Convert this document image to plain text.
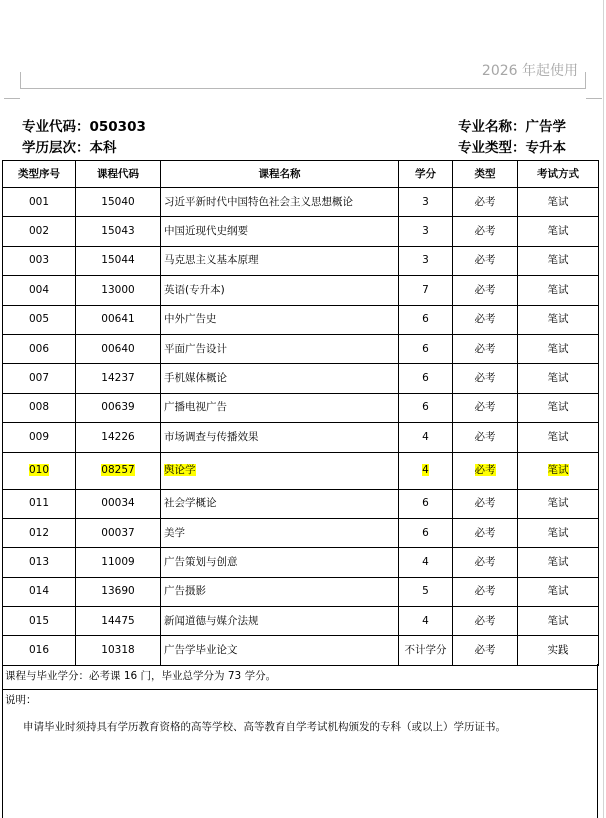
2026 年起使用
专业代码：050303
学历层次：本科
专业名称：广告学
专业类型：专升本
类型序号	课程代码	课程名称	学分	类型	考试方式
001	15040	习近平新时代中国特色社会主义思想概论	3	必考	笔试
002	15043	中国近现代史纲要	3	必考	笔试
003	15044	马克思主义基本原理	3	必考	笔试
004	13000	英语(专升本)	7	必考	笔试
005	00641	中外广告史	6	必考	笔试
006	00640	平面广告设计	6	必考	笔试
007	14237	手机媒体概论	6	必考	笔试
008	00639	广播电视广告	6	必考	笔试
009	14226	市场调查与传播效果	4	必考	笔试
010	08257	舆论学	4	必考	笔试
011	00034	社会学概论	6	必考	笔试
012	00037	美学	6	必考	笔试
013	11009	广告策划与创意	4	必考	笔试
014	13690	广告摄影	5	必考	笔试
015	14475	新闻道德与媒介法规	4	必考	笔试
016	10318	广告学毕业论文	不计学分	必考	实践
课程与毕业学分：必考课 16 门，毕业总学分为 73 学分。
说明：
申请毕业时须持具有学历教育资格的高等学校、高等教育自学考试机构颁发的专科（或以上）学历证书。
